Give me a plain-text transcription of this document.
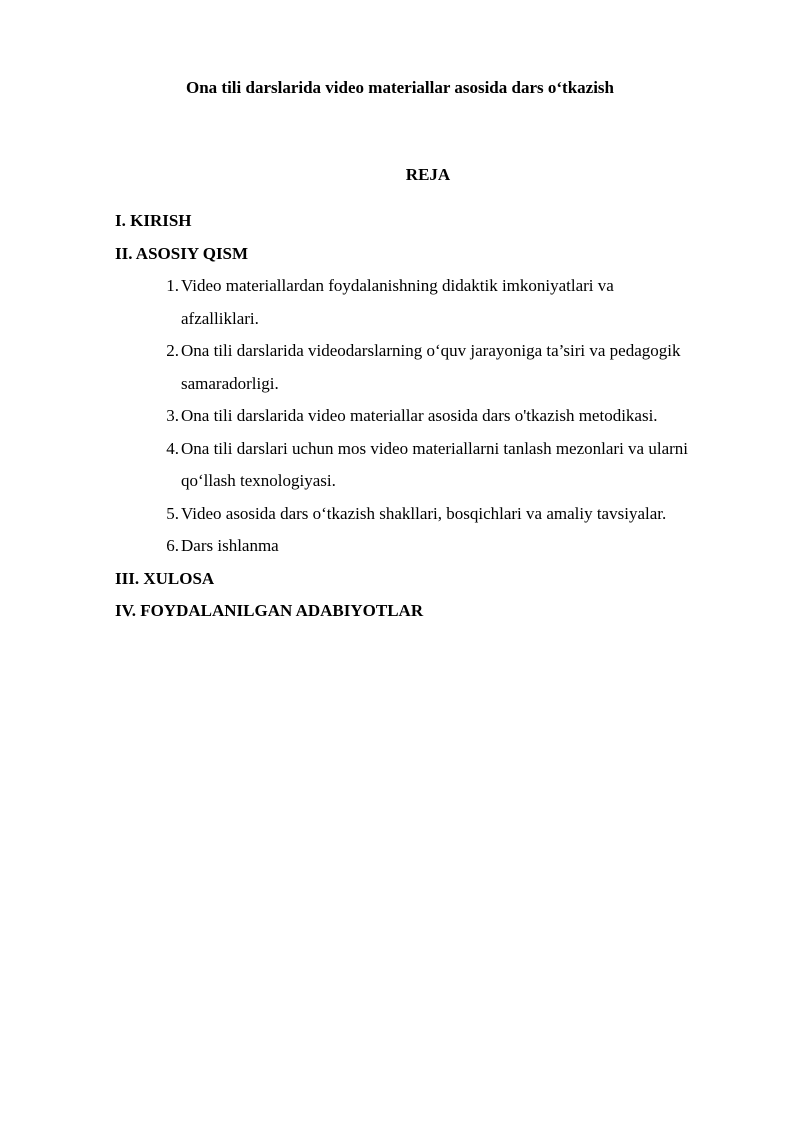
Ona tili darslarida video materiallar asosida dars o‘tkazish
REJA

I. KIRISH

II. ASOSIY QISM

1. Video materiallardan foydalanishning didaktik imkoniyatlari va
afzalliklari.
2. Ona tili darslarida videodarslarning o‘quv jarayoniga ta’siri va pedagogik
samaradorligi.
3. Ona tili darslarida video materiallar asosida dars o'tkazish metodikasi.
4. Ona tili darslari uchun mos video materiallarni tanlash mezonlari va ularni
qo‘llash texnologiyasi.
5. Video asosida dars o‘tkazish shakllari, bosqichlari va amaliy tavsiyalar.
6. Dars ishlanma

III. XULOSA

IV. FOYDALANILGAN ADABIYOTLAR
